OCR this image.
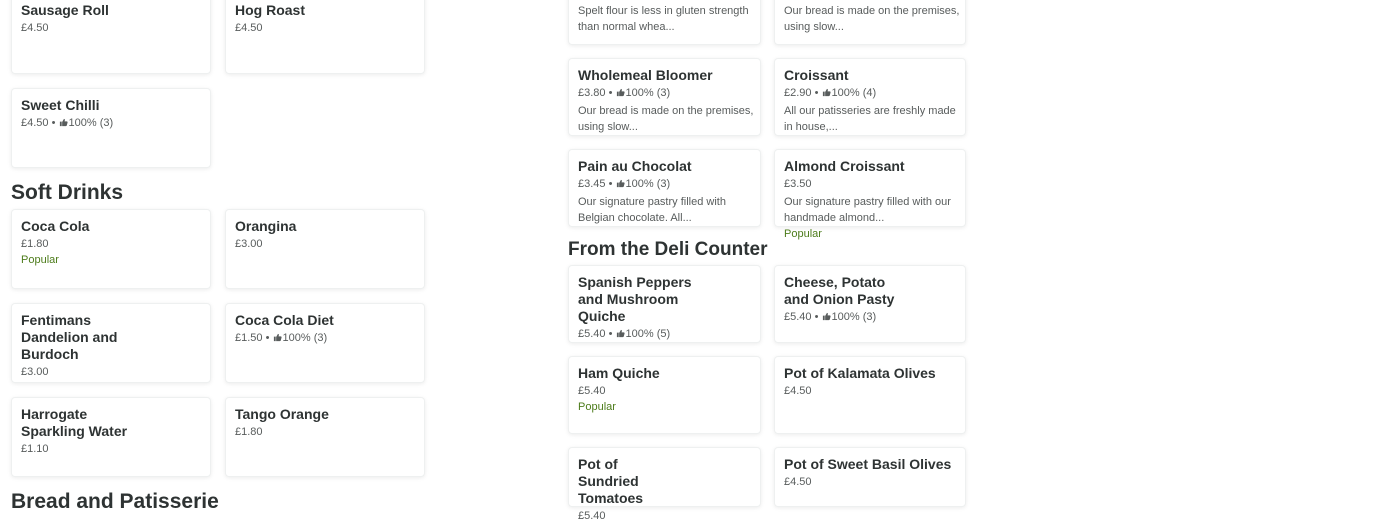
Sausage Roll
£4.50
Hog Roast
£4.50
Sweet Chilli
£4.50 • 100% (3)
Soft Drinks
Coca Cola
£1.80
Popular
Orangina
£3.00
Fentimans Dandelion and Burdoch
£3.00
Coca Cola Diet
£1.50 • 100% (3)
Harrogate Sparkling Water
£1.10
Tango Orange
£1.80
Bread and Patisserie
Spelt flour is less in gluten strength than normal whea...
Our bread is made on the premises, using slow...
Wholemeal Bloomer
£3.80 • 100% (3)
Our bread is made on the premises, using slow...
Croissant
£2.90 • 100% (4)
All our patisseries are freshly made in house,...
Pain au Chocolat
£3.45 • 100% (3)
Our signature pastry filled with Belgian chocolate. All...
Almond Croissant
£3.50
Our signature pastry filled with our handmade almond...
Popular
From the Deli Counter
Spanish Peppers and Mushroom Quiche
£5.40 • 100% (5)
Cheese, Potato and Onion Pasty
£5.40 • 100% (3)
Ham Quiche
£5.40
Popular
Pot of Kalamata Olives
£4.50
Pot of Sundried Tomatoes
£5.40
Pot of Sweet Basil Olives
£4.50
